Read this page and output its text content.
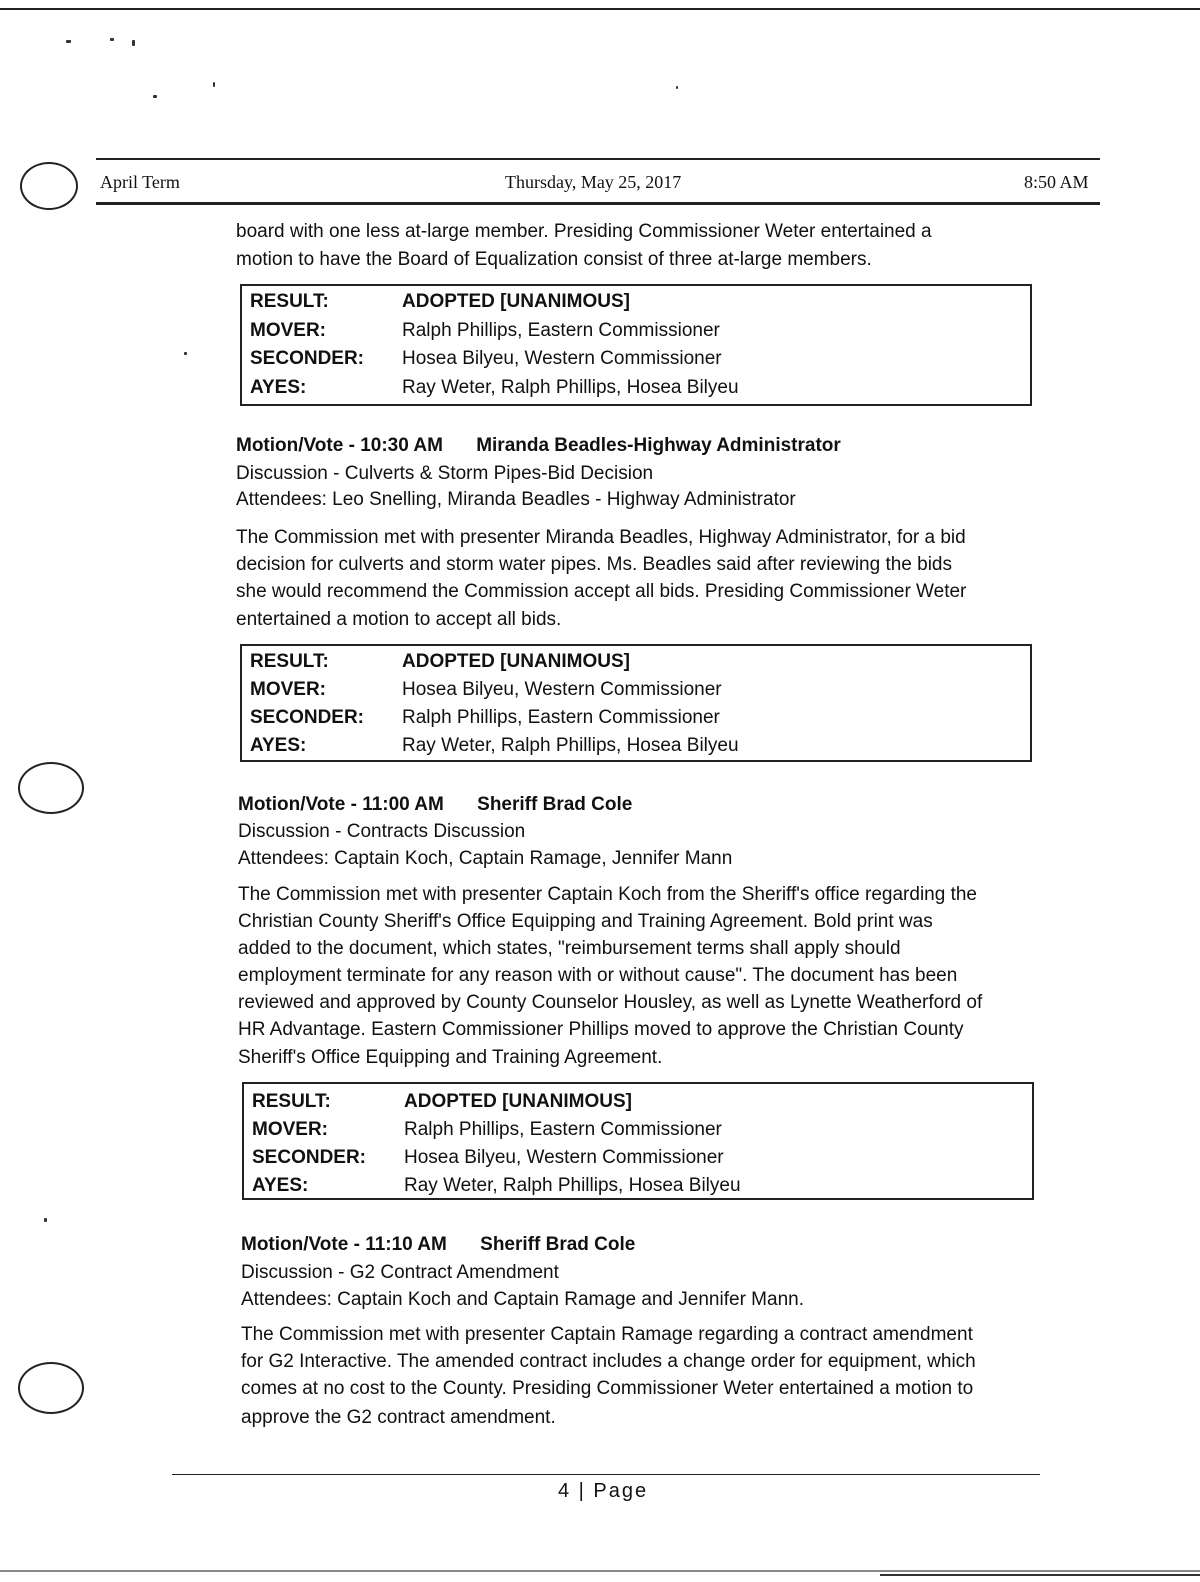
April Term	Thursday, May 25, 2017	8:50 AM
board with one less at-large member. Presiding Commissioner Weter entertained a
motion to have the Board of Equalization consist of three at-large members.
RESULT:	ADOPTED [UNANIMOUS]
MOVER:	Ralph Phillips, Eastern Commissioner
SECONDER: Hosea Bilyeu, Western Commissioner
AYES:	Ray Weter, Ralph Phillips, Hosea Bilyeu
Motion/Vote - 10:30 AM Miranda Beadles-Highway Administrator
Discussion - Culverts & Storm Pipes-Bid Decision
Attendees: Leo Snelling, Miranda Beadles - Highway Administrator
The Commission met with presenter Miranda Beadles, Highway Administrator, for a bid
decision for culverts and storm water pipes. Ms. Beadles said after reviewing the bids
she would recommend the Commission accept all bids. Presiding Commissioner Weter
entertained a motion to accept all bids.
RESULT:	ADOPTED [UNANIMOUS]
MOVER:	Hosea Bilyeu, Western Commissioner
SECONDER: Ralph Phillips, Eastern Commissioner
AYES:	Ray Weter, Ralph Phillips, Hosea Bilyeu
Motion/Vote - 11:00 AM Sheriff Brad Cole
Discussion - Contracts Discussion
Attendees: Captain Koch, Captain Ramage, Jennifer Mann
The Commission met with presenter Captain Koch from the Sheriff's office regarding the
Christian County Sheriff's Office Equipping and Training Agreement. Bold print was
added to the document, which states, "reimbursement terms shall apply should
employment terminate for any reason with or without cause". The document has been
reviewed and approved by County Counselor Housley, as well as Lynette Weatherford of
HR Advantage. Eastern Commissioner Phillips moved to approve the Christian County
Sheriff's Office Equipping and Training Agreement.
RESULT:	ADOPTED [UNANIMOUS]
MOVER:	Ralph Phillips, Eastern Commissioner
SECONDER: Hosea Bilyeu, Western Commissioner
AYES:	Ray Weter, Ralph Phillips, Hosea Bilyeu
Motion/Vote - 11:10 AM Sheriff Brad Cole
Discussion - G2 Contract Amendment
Attendees: Captain Koch and Captain Ramage and Jennifer Mann.
The Commission met with presenter Captain Ramage regarding a contract amendment
for G2 Interactive. The amended contract includes a change order for equipment, which
comes at no cost to the County. Presiding Commissioner Weter entertained a motion to
approve the G2 contract amendment.
4 | Page
